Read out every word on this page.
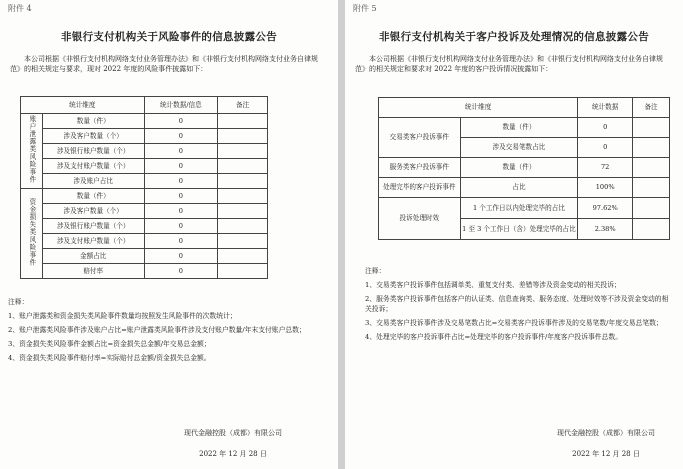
附件 4
非银行支付机构关于风险事件的信息披露公告
本公司根据《非银行支付机构网络支付业务管理办法》和《非银行支付机构网络支付业务自律规范》的相关规定与要求，现对 2022 年度的风险事件披露如下：
统计维度		统计数据/信息	备注
账户泄露类风险事件	数量（件）	0	
	涉及客户数量（个）	0	
	涉及银行账户数量（个）	0	
	涉及支付账户数量（个）	0	
	涉及账户占比	0	
资金损失类风险事件	数量（件）	0	
	涉及客户数量（个）	0	
	涉及银行账户数量（个）	0	
	涉及支付账户数量（个）	0	
	金额占比	0	
	赔付率	0	
注释：
1、账户泄露类和资金损失类风险事件数量均按照发生风险事件的次数统计；
2、账户泄露类风险事件涉及账户占比=账户泄露类风险事件涉及支付账户数量/年末支付账户总数；
3、资金损失类风险事件金额占比=资金损失总金额/年交易总金额；
4、资金损失类风险事件赔付率=实际赔付总金额/资金损失总金额。
现代金融控股（成都）有限公司
2022 年 12 月 28 日
附件 5
非银行支付机构关于客户投诉及处理情况的信息披露公告
本公司根据《非银行支付机构网络支付业务管理办法》和《非银行支付机构网络支付业务自律规范》的相关规定和要求对 2022 年度的客户投诉情况披露如下：
统计维度		统计数据	备注
交易类客户投诉事件	数量（件）	0	
	涉及交易笔数占比	0	
服务类客户投诉事件	数量（件）	72	
处理完毕的客户投诉事件	占比	100%	
投诉处理时效	1 个工作日以内处理完毕的占比	97.62%	
	1 至 3 个工作日（含）处理完毕的占比	2.38%	
注释：
1、交易类客户投诉事件包括调单类、重复支付类、差错等涉及资金变动的相关投诉；
2、服务类客户投诉事件包括客户的认证类、信息查询类、服务态度、处理时效等不涉及资金变动的相关投诉；
3、交易类客户投诉事件涉及交易笔数占比=交易类客户投诉事件涉及的交易笔数/年度交易总笔数；
4、处理完毕的客户投诉事件占比=处理完毕的客户投诉事件/年度客户投诉事件总数。
现代金融控股（成都）有限公司
2022 年 12 月 28 日
